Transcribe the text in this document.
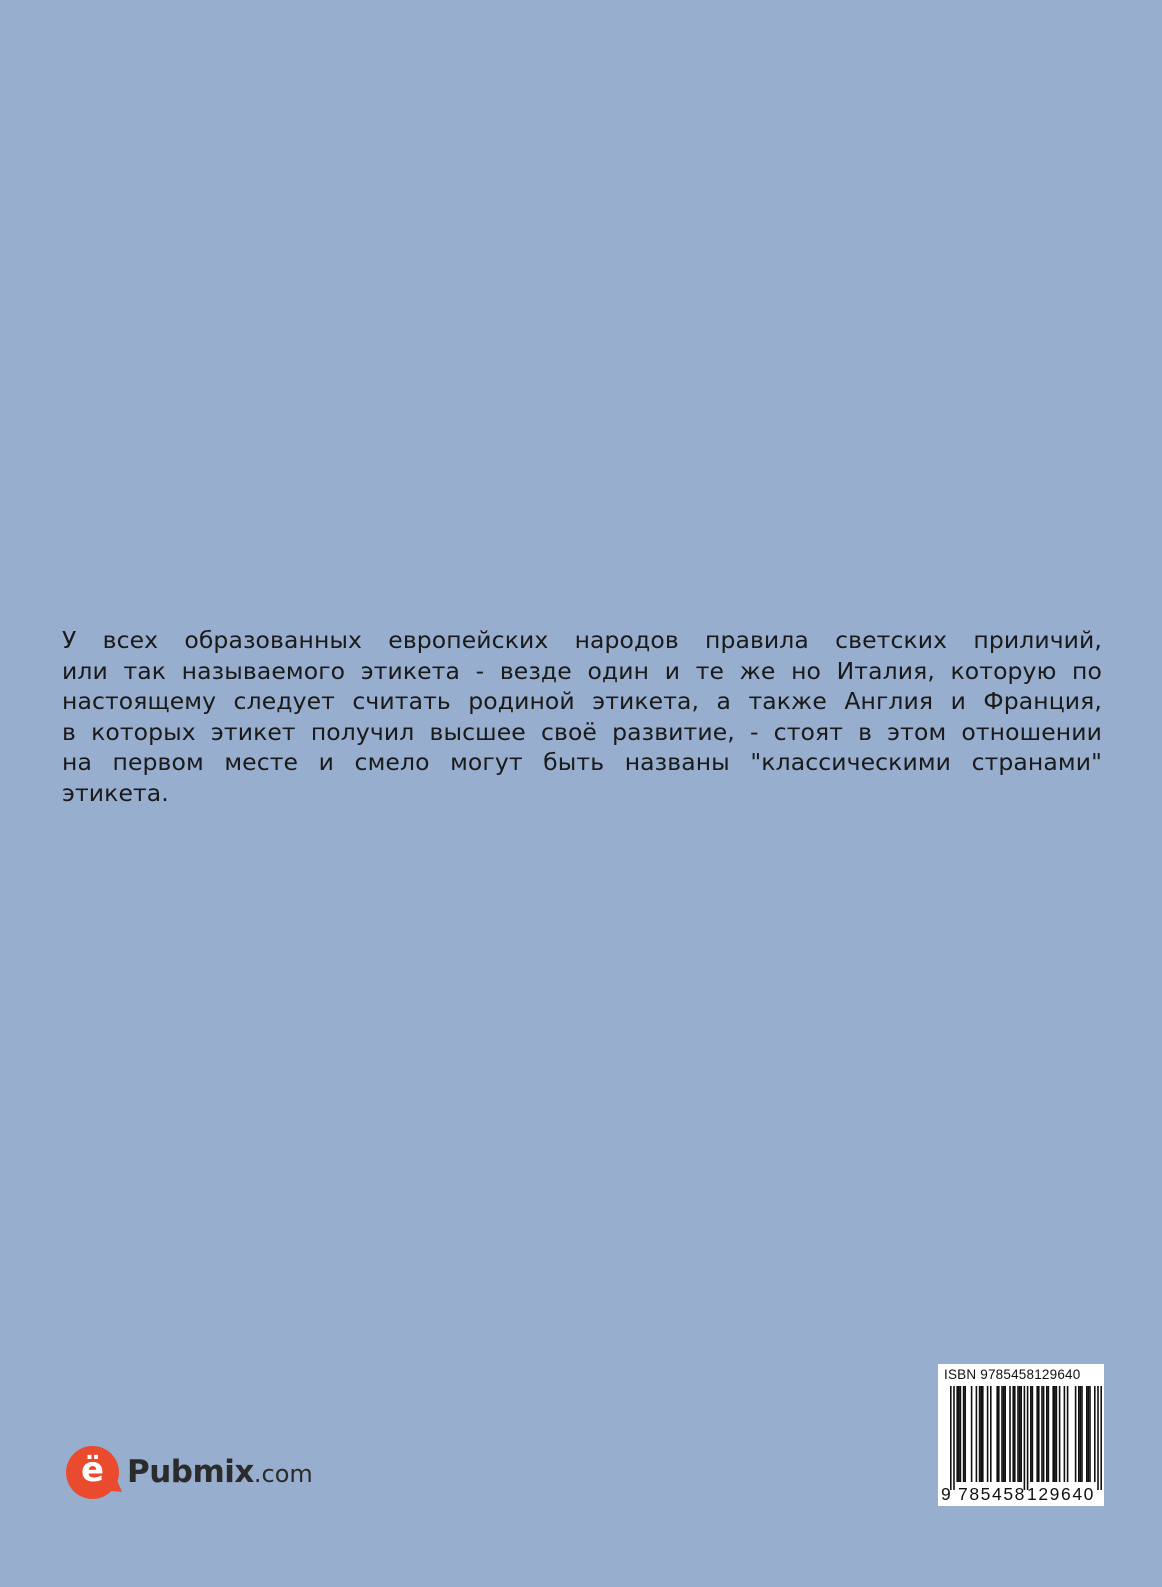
У всех образованных европейских народов правила светских приличий,
или так называемого этикета - везде один и те же но Италия, которую по
настоящему следует считать родиной этикета, а также Англия и Франция,
в которых этикет получил высшее своё развитие, - стоят в этом отношении
на первом месте и смело могут быть названы "классическими странами"
этикета.
ё Pubmix .com
ISBN 9785458129640
9 785458 129640
